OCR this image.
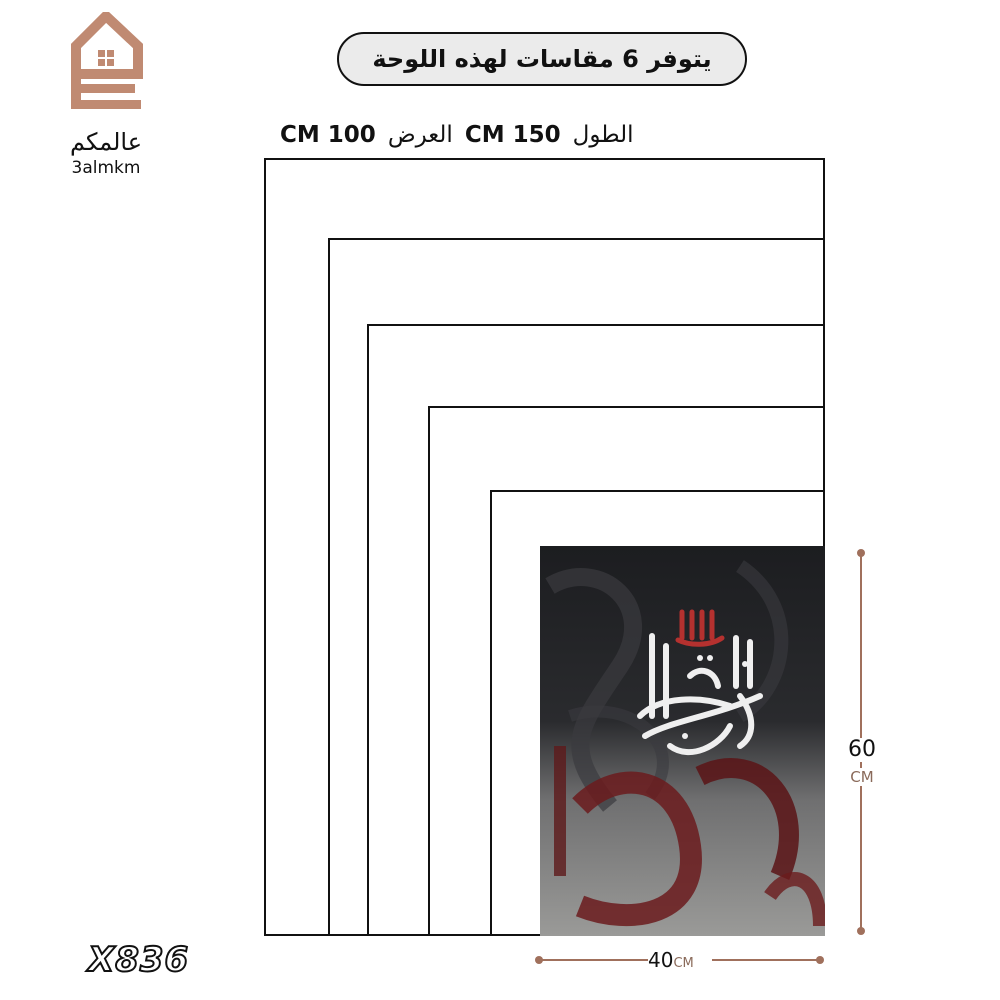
عالمكم
3almkm
يتوفر 6 مقاسات لهذه اللوحة
الطول150 CMالعرض100 CM
60
CM
40CM
X836
